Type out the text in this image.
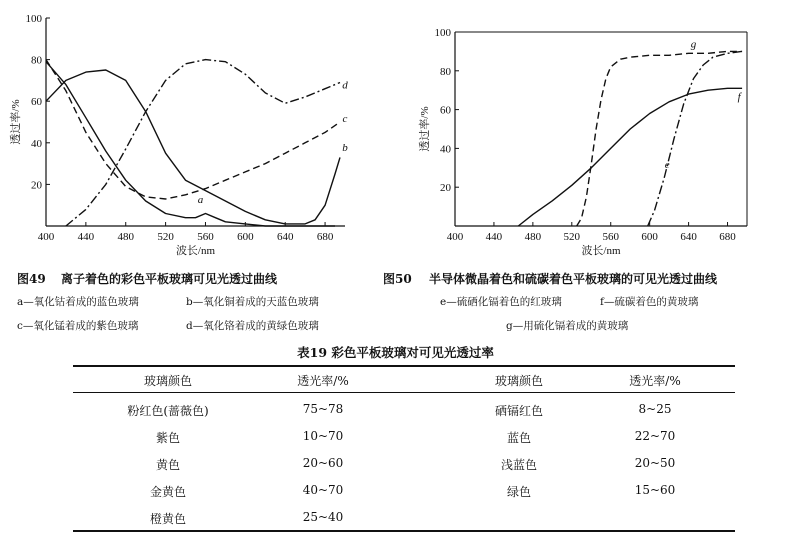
400 440 480 520 560 600 640 680
20
40
60
80
100
波长/nm
透过率/%
a
b
c
d
400 440 480 520 560 600 640 680
20
40
60
80
100
波长/nm
透过率/%
e
f
g
图49 离子着色的彩色平板玻璃可见光透过曲线
a—氧化钴着成的蓝色玻璃	b—氧化铜着成的天蓝色玻璃
c—氧化锰着成的紫色玻璃	d—氧化铬着成的黄绿色玻璃
图50 半导体微晶着色和硫碳着色平板玻璃的可见光透过曲线
e—硫硒化镉着色的红玻璃	f—硫碳着色的黄玻璃
g—用硫化镉着成的黄玻璃
表19 彩色平板玻璃对可见光透过率
玻璃颜色	透光率/%	玻璃颜色	透光率/%
粉红色(蔷薇色)	75~78	硒镉红色	8~25
紫色	10~70	蓝色	22~70
黄色	20~60	浅蓝色	20~50
金黄色	40~70	绿色	15~60
橙黄色	25~40
